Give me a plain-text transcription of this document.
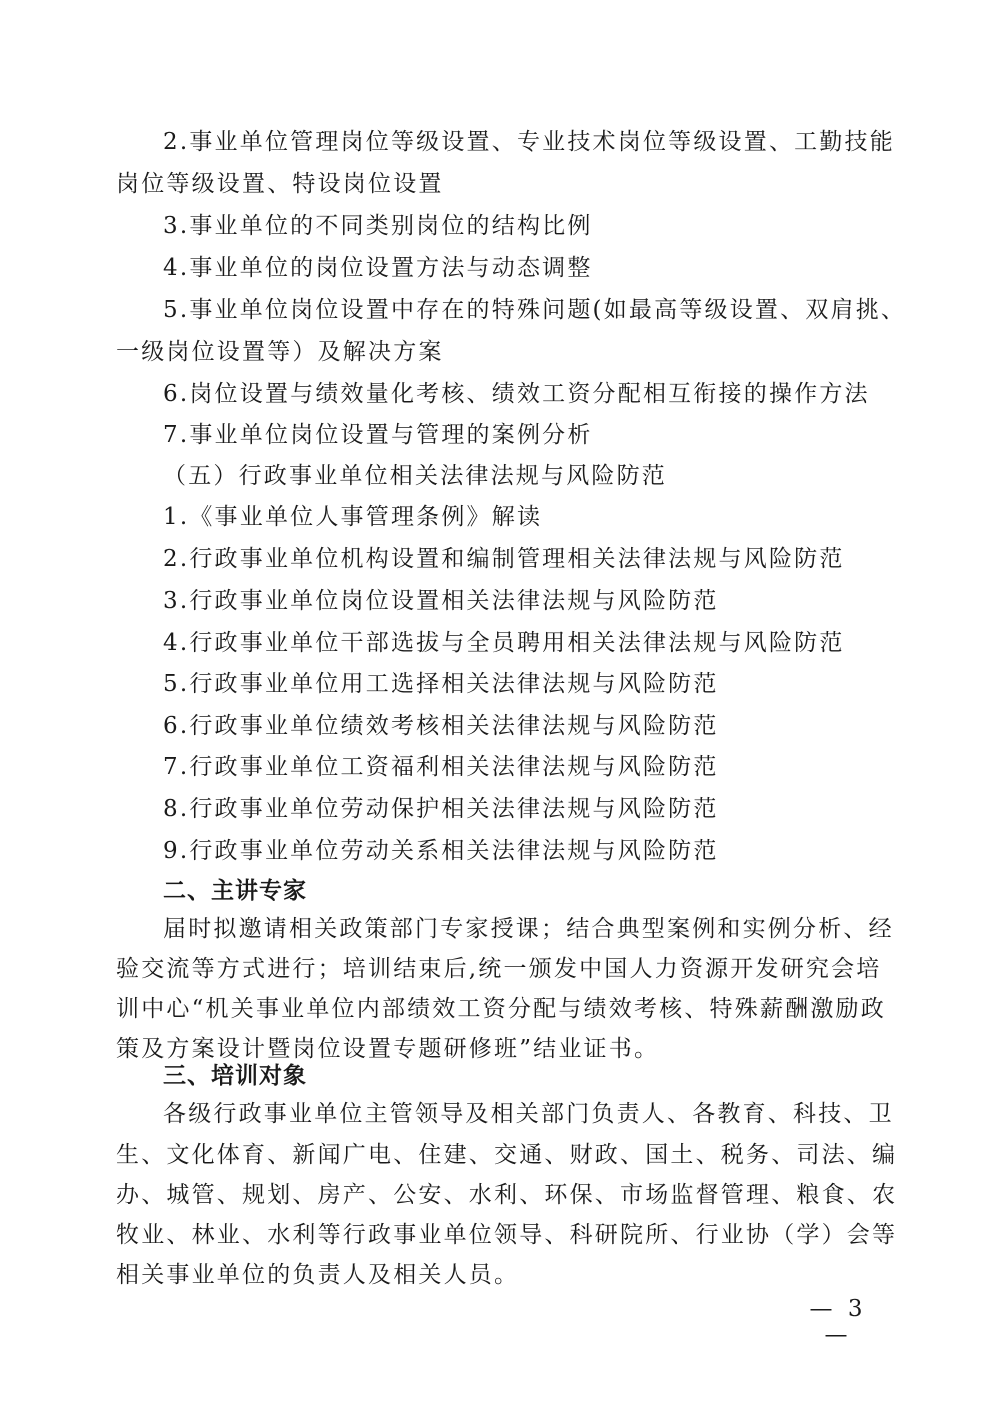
2.事业单位管理岗位等级设置、专业技术岗位等级设置、工勤技能
岗位等级设置、特设岗位设置
3.事业单位的不同类别岗位的结构比例
4.事业单位的岗位设置方法与动态调整
5.事业单位岗位设置中存在的特殊问题(如最高等级设置、双肩挑、
一级岗位设置等）及解决方案
6.岗位设置与绩效量化考核、绩效工资分配相互衔接的操作方法
7.事业单位岗位设置与管理的案例分析
（五）行政事业单位相关法律法规与风险防范
1.《事业单位人事管理条例》解读
2.行政事业单位机构设置和编制管理相关法律法规与风险防范
3.行政事业单位岗位设置相关法律法规与风险防范
4.行政事业单位干部选拔与全员聘用相关法律法规与风险防范
5.行政事业单位用工选择相关法律法规与风险防范
6.行政事业单位绩效考核相关法律法规与风险防范
7.行政事业单位工资福利相关法律法规与风险防范
8.行政事业单位劳动保护相关法律法规与风险防范
9.行政事业单位劳动关系相关法律法规与风险防范
二、主讲专家
届时拟邀请相关政策部门专家授课；结合典型案例和实例分析、经
验交流等方式进行；培训结束后,统一颁发中国人力资源开发研究会培
训中心“机关事业单位内部绩效工资分配与绩效考核、特殊薪酬激励政
策及方案设计暨岗位设置专题研修班”结业证书。
三、培训对象
各级行政事业单位主管领导及相关部门负责人、各教育、科技、卫
生、文化体育、新闻广电、住建、交通、财政、国土、税务、司法、编
办、城管、规划、房产、公安、水利、环保、市场监督管理、粮食、农
牧业、林业、水利等行政事业单位领导、科研院所、行业协（学）会等
相关事业单位的负责人及相关人员。
— 3 —
